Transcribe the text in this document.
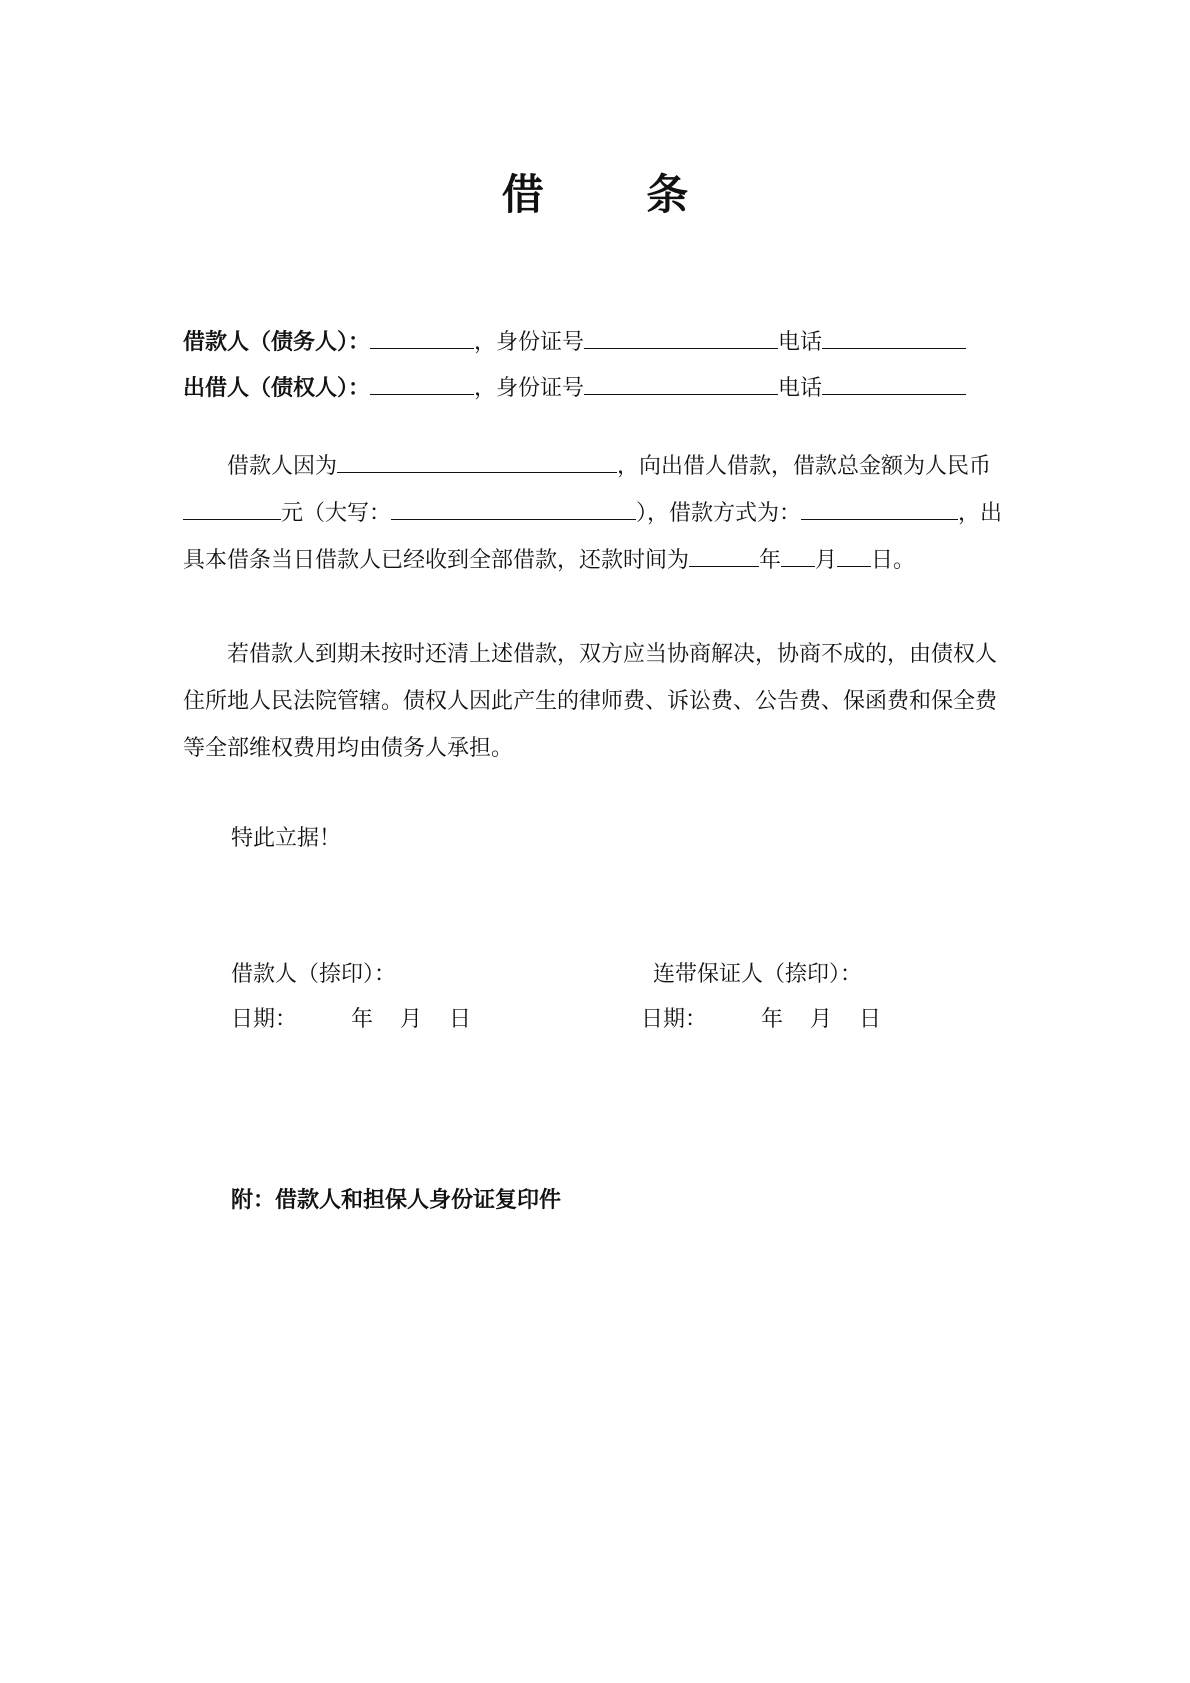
借 条
借款人（债务人）：	，身份证号	电话
出借人（债权人）：	，身份证号	电话
借款人因为	，向出借人借款，借款总金额为人民币元（大写：	），借款方式为：	，出具本借条当日借款人已经收到全部借款，还款时间为	年 月 日。
若借款人到期未按时还清上述借款，双方应当协商解决，协商不成的，由债权人住所地人民法院管辖。债权人因此产生的律师费、诉讼费、公告费、保函费和保全费等全部维权费用均由债务人承担。
特此立据！
借款人（捺印）：	连带保证人（捺印）：
日期： 年 月 日	日期： 年 月 日
附：借款人和担保人身份证复印件
